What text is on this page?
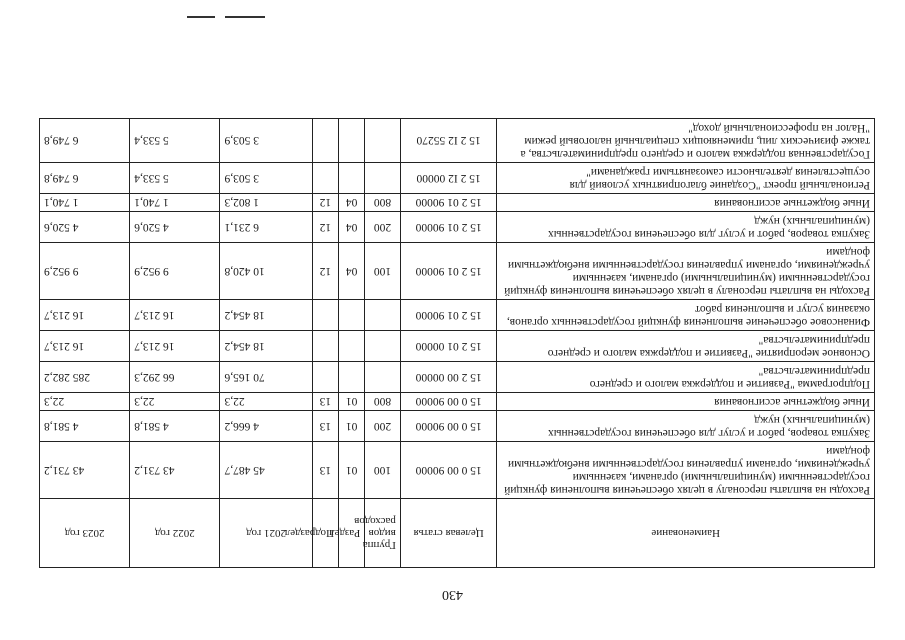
430
Наименование	Целевая статья	Группа видов расходов	Раздел	Подраздел	2021 год	2022 год	2023 год
Расходы на выплаты персоналу в целях обеспечения выполнения функций государственными (муниципальными) органами, казенными учреждениями, органами управления государственными внебюджетными фондами	15 0 00 90000	100	01	13	45 487,7	43 731,2	43 731,2
Закупка товаров, работ и услуг для обеспечения государственных (муниципальных) нужд	15 0 00 90000	200	01	13	4 666,2	4 581,8	4 581,8
Иные бюджетные ассигнования	15 0 00 90000	800	01	13	22,3	22,3	22,3
Подпрограмма "Развитие и поддержка малого и среднего предпринимательства"	15 2 00 00000				70 165,6	66 292,3	285 282,2
Основное мероприятие "Развитие и поддержка малого и среднего предпринимательства"	15 2 01 00000				18 454,2	16 213,7	16 213,7
Финансовое обеспечение выполнения функций государственных органов, оказания услуг и выполнения работ	15 2 01 90000				18 454,2	16 213,7	16 213,7
Расходы на выплаты персоналу в целях обеспечения выполнения функций государственными (муниципальными) органами, казенными учреждениями, органами управления государственными внебюджетными фондами	15 2 01 90000	100	04	12	10 420,8	9 952,9	9 952,9
Закупка товаров, работ и услуг для обеспечения государственных (муниципальных) нужд	15 2 01 90000	200	04	12	6 231,1	4 520,6	4 520,6
Иные бюджетные ассигнования	15 2 01 90000	800	04	12	1 802,3	1 740,1	1 740,1
Региональный проект "Создание благоприятных условий для осуществления деятельности самозанятыми гражданами"	15 2 I2 00000				3 503,9	5 533,4	6 749,8
Государственная поддержка малого и среднего предпринимательства, а также физических лиц, применяющих специальный налоговый режим "Налог на профессиональный доход"	15 2 I2 55270				3 503,9	5 533,4	6 749,8
